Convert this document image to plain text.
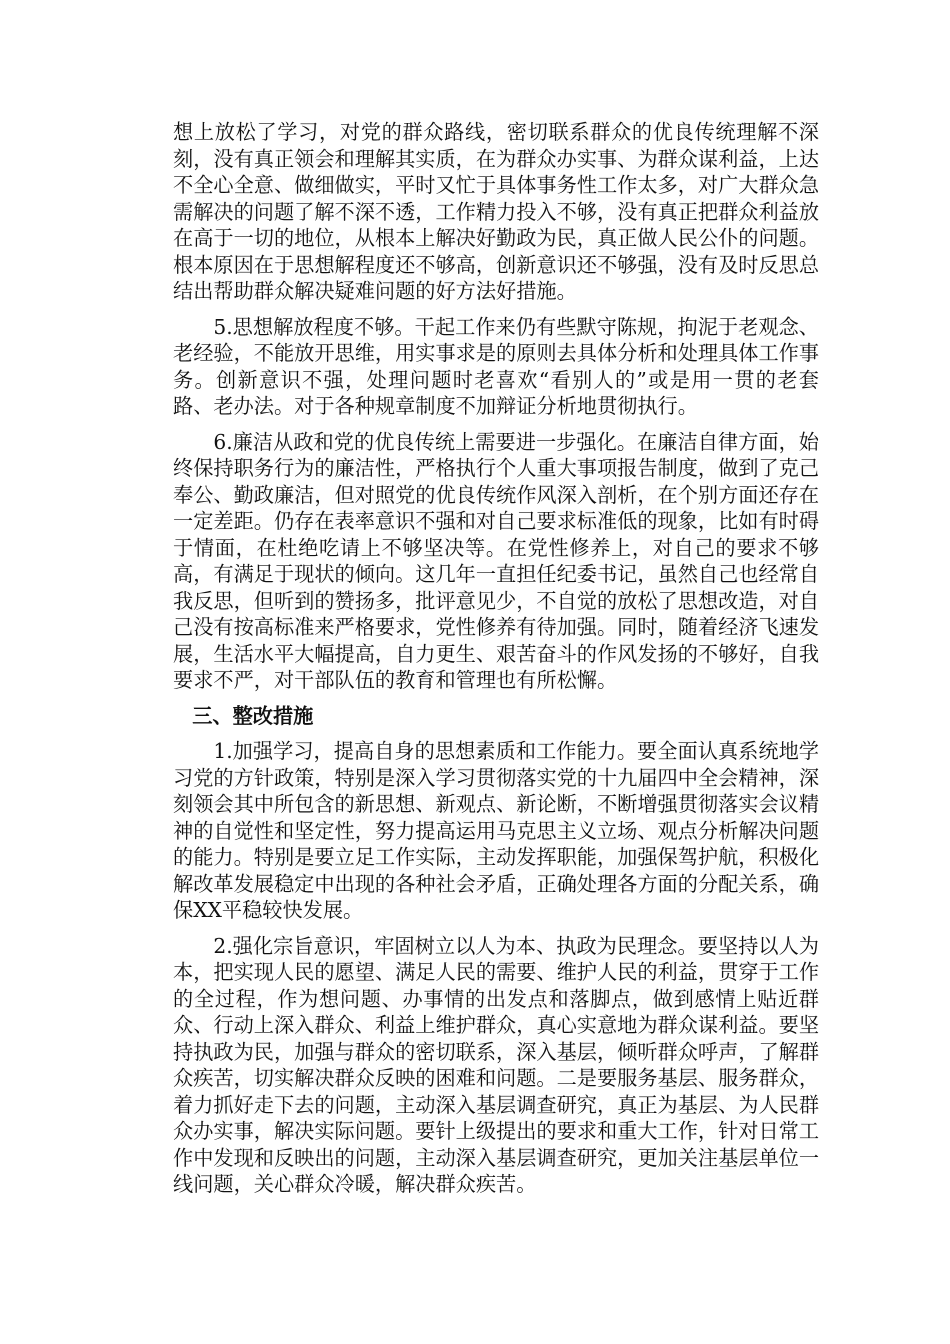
想上放松了学习，对党的群众路线，密切联系群众的优良传统理解不深刻，没有真正领会和理解其实质，在为群众办实事、为群众谋利益，上达不全心全意、做细做实，平时又忙于具体事务性工作太多，对广大群众急需解决的问题了解不深不透，工作精力投入不够，没有真正把群众利益放在高于一切的地位，从根本上解决好勤政为民，真正做人民公仆的问题。根本原因在于思想解程度还不够高，创新意识还不够强，没有及时反思总结出帮助群众解决疑难问题的好方法好措施。

5.思想解放程度不够。干起工作来仍有些默守陈规，拘泥于老观念、老经验，不能放开思维，用实事求是的原则去具体分析和处理具体工作事务。创新意识不强，处理问题时老喜欢“看别人的”或是用一贯的老套路、老办法。对于各种规章制度不加辩证分析地贯彻执行。

6.廉洁从政和党的优良传统上需要进一步强化。在廉洁自律方面，始终保持职务行为的廉洁性，严格执行个人重大事项报告制度，做到了克己奉公、勤政廉洁，但对照党的优良传统作风深入剖析，在个别方面还存在一定差距。仍存在表率意识不强和对自己要求标准低的现象，比如有时碍于情面，在杜绝吃请上不够坚决等。在党性修养上，对自己的要求不够高，有满足于现状的倾向。这几年一直担任纪委书记，虽然自己也经常自我反思，但听到的赞扬多，批评意见少，不自觉的放松了思想改造，对自己没有按高标准来严格要求，党性修养有待加强。同时，随着经济飞速发展，生活水平大幅提高，自力更生、艰苦奋斗的作风发扬的不够好，自我要求不严，对干部队伍的教育和管理也有所松懈。

三、整改措施

1.加强学习，提高自身的思想素质和工作能力。要全面认真系统地学习党的方针政策，特别是深入学习贯彻落实党的十九届四中全会精神，深刻领会其中所包含的新思想、新观点、新论断，不断增强贯彻落实会议精神的自觉性和坚定性，努力提高运用马克思主义立场、观点分析解决问题的能力。特别是要立足工作实际，主动发挥职能，加强保驾护航，积极化解改革发展稳定中出现的各种社会矛盾，正确处理各方面的分配关系，确保XX平稳较快发展。

2.强化宗旨意识，牢固树立以人为本、执政为民理念。要坚持以人为本，把实现人民的愿望、满足人民的需要、维护人民的利益，贯穿于工作的全过程，作为想问题、办事情的出发点和落脚点，做到感情上贴近群众、行动上深入群众、利益上维护群众，真心实意地为群众谋利益。要坚持执政为民，加强与群众的密切联系，深入基层，倾听群众呼声，了解群众疾苦，切实解决群众反映的困难和问题。二是要服务基层、服务群众，着力抓好走下去的问题，主动深入基层调查研究，真正为基层、为人民群众办实事，解决实际问题。要针上级提出的要求和重大工作，针对日常工作中发现和反映出的问题，主动深入基层调查研究，更加关注基层单位一线问题，关心群众冷暖，解决群众疾苦。
